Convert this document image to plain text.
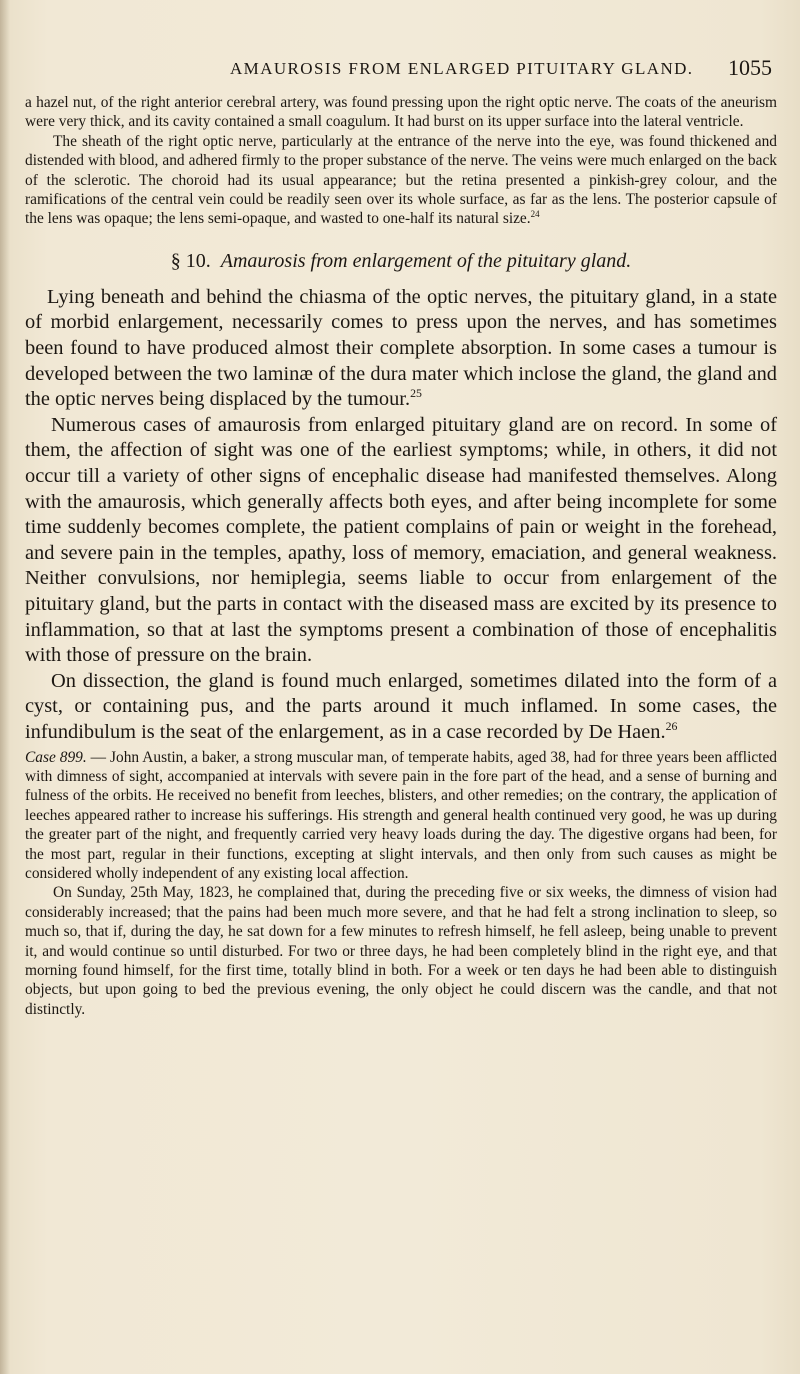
AMAUROSIS FROM ENLARGED PITUITARY GLAND. 1055

a hazel nut, of the right anterior cerebral artery, was found pressing upon the right optic nerve. The coats of the aneurism were very thick, and its cavity contained a small coagulum. It had burst on its upper surface into the lateral ventricle.

The sheath of the right optic nerve, particularly at the entrance of the nerve into the eye, was found thickened and distended with blood, and adhered firmly to the proper substance of the nerve. The veins were much enlarged on the back of the sclerotic. The choroid had its usual appearance; but the retina presented a pinkish-grey colour, and the ramifications of the central vein could be readily seen over its whole surface, as far as the lens. The posterior capsule of the lens was opaque; the lens semi-opaque, and wasted to one-half its natural size.$^{24}$

§ 10. Amaurosis from enlargement of the pituitary gland.

Lying beneath and behind the chiasma of the optic nerves, the pituitary gland, in a state of morbid enlargement, necessarily comes to press upon the nerves, and has sometimes been found to have produced almost their complete absorption. In some cases a tumour is developed between the two laminæ of the dura mater which inclose the gland, the gland and the optic nerves being displaced by the tumour.$^{25}$

Numerous cases of amaurosis from enlarged pituitary gland are on record. In some of them, the affection of sight was one of the earliest symptoms; while, in others, it did not occur till a variety of other signs of encephalic disease had manifested themselves. Along with the amaurosis, which generally affects both eyes, and after being incomplete for some time suddenly becomes complete, the patient complains of pain or weight in the forehead, and severe pain in the temples, apathy, loss of memory, emaciation, and general weakness. Neither convulsions, nor hemiplegia, seems liable to occur from enlargement of the pituitary gland, but the parts in contact with the diseased mass are excited by its presence to inflammation, so that at last the symptoms present a combination of those of encephalitis with those of pressure on the brain.

On dissection, the gland is found much enlarged, sometimes dilated into the form of a cyst, or containing pus, and the parts around it much inflamed. In some cases, the infundibulum is the seat of the enlargement, as in a case recorded by De Haen.$^{26}$

Case 899. — John Austin, a baker, a strong muscular man, of temperate habits, aged 38, had for three years been afflicted with dimness of sight, accompanied at intervals with severe pain in the fore part of the head, and a sense of burning and fulness of the orbits. He received no benefit from leeches, blisters, and other remedies; on the contrary, the application of leeches appeared rather to increase his sufferings. His strength and general health continued very good, he was up during the greater part of the night, and frequently carried very heavy loads during the day. The digestive organs had been, for the most part, regular in their functions, excepting at slight intervals, and then only from such causes as might be considered wholly independent of any existing local affection.

On Sunday, 25th May, 1823, he complained that, during the preceding five or six weeks, the dimness of vision had considerably increased; that the pains had been much more severe, and that he had felt a strong inclination to sleep, so much so, that if, during the day, he sat down for a few minutes to refresh himself, he fell asleep, being unable to prevent it, and would continue so until disturbed. For two or three days, he had been completely blind in the right eye, and that morning found himself, for the first time, totally blind in both. For a week or ten days he had been able to distinguish objects, but upon going to bed the previous evening, the only object he could discern was the candle, and that not distinctly.
